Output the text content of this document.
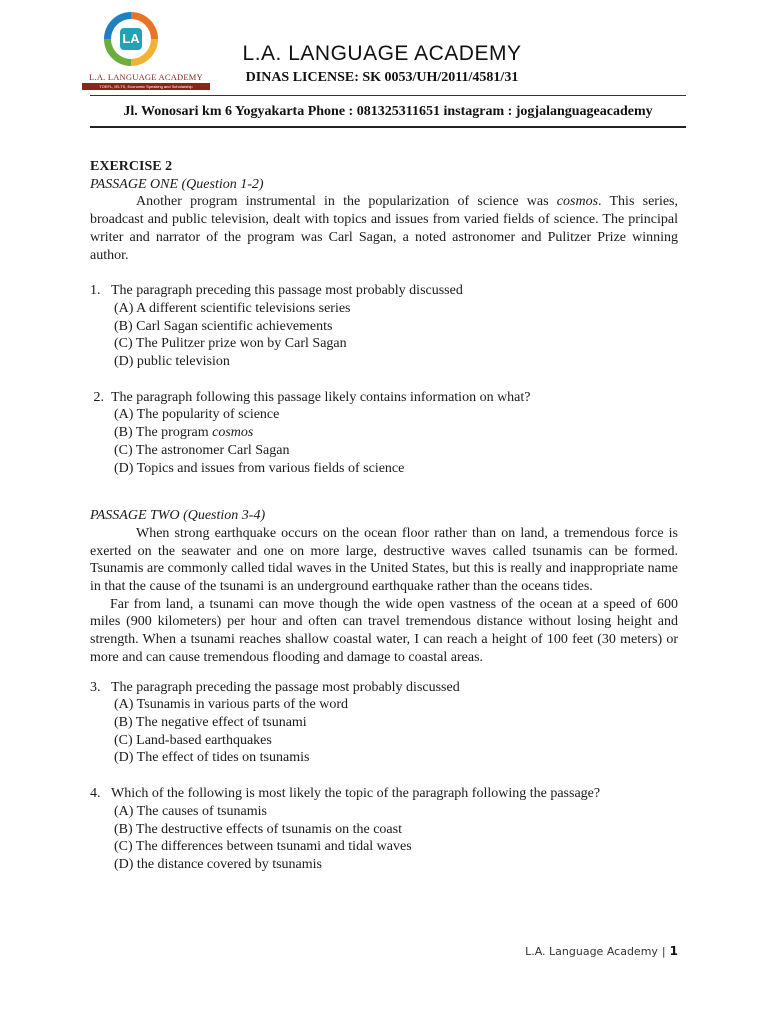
LA
L.A. LANGUAGE ACADEMY
TOEFL, IELTS, Economic Speaking and Scholarship
L.A. LANGUAGE ACADEMY
DINAS LICENSE: SK 0053/UH/2011/4581/31
Jl. Wonosari km 6 Yogyakarta Phone : 081325311651 instagram : jogjalanguageacademy

EXERCISE 2

PASSAGE ONE (Question 1-2)

Another program instrumental in the popularization of science was cosmos. This series, broadcast and public television, dealt with topics and issues from varied fields of science. The principal writer and narrator of the program was Carl Sagan, a noted astronomer and Pulitzer Prize winning author.

1. The paragraph preceding this passage most probably discussed

(A) A different scientific televisions series

(B) Carl Sagan scientific achievements

(C) The Pulitzer prize won by Carl Sagan

(D) public television

2. The paragraph following this passage likely contains information on what?

(A) The popularity of science

(B) The program cosmos

(C) The astronomer Carl Sagan

(D) Topics and issues from various fields of science

PASSAGE TWO (Question 3-4)

When strong earthquake occurs on the ocean floor rather than on land, a tremendous force is exerted on the seawater and one on more large, destructive waves called tsunamis can be formed. Tsunamis are commonly called tidal waves in the United States, but this is really and inappropriate name in that the cause of the tsunami is an underground earthquake rather than the oceans tides.

Far from land, a tsunami can move though the wide open vastness of the ocean at a speed of 600 miles (900 kilometers) per hour and often can travel tremendous distance without losing height and strength. When a tsunami reaches shallow coastal water, I can reach a height of 100 feet (30 meters) or more and can cause tremendous flooding and damage to coastal areas.

3. The paragraph preceding the passage most probably discussed

(A) Tsunamis in various parts of the word

(B) The negative effect of tsunami

(C) Land-based earthquakes

(D) The effect of tides on tsunamis

4. Which of the following is most likely the topic of the paragraph following the passage?

(A) The causes of tsunamis

(B) The destructive effects of tsunamis on the coast

(C) The differences between tsunami and tidal waves

(D) the distance covered by tsunamis

L.A. Language Academy | 1
